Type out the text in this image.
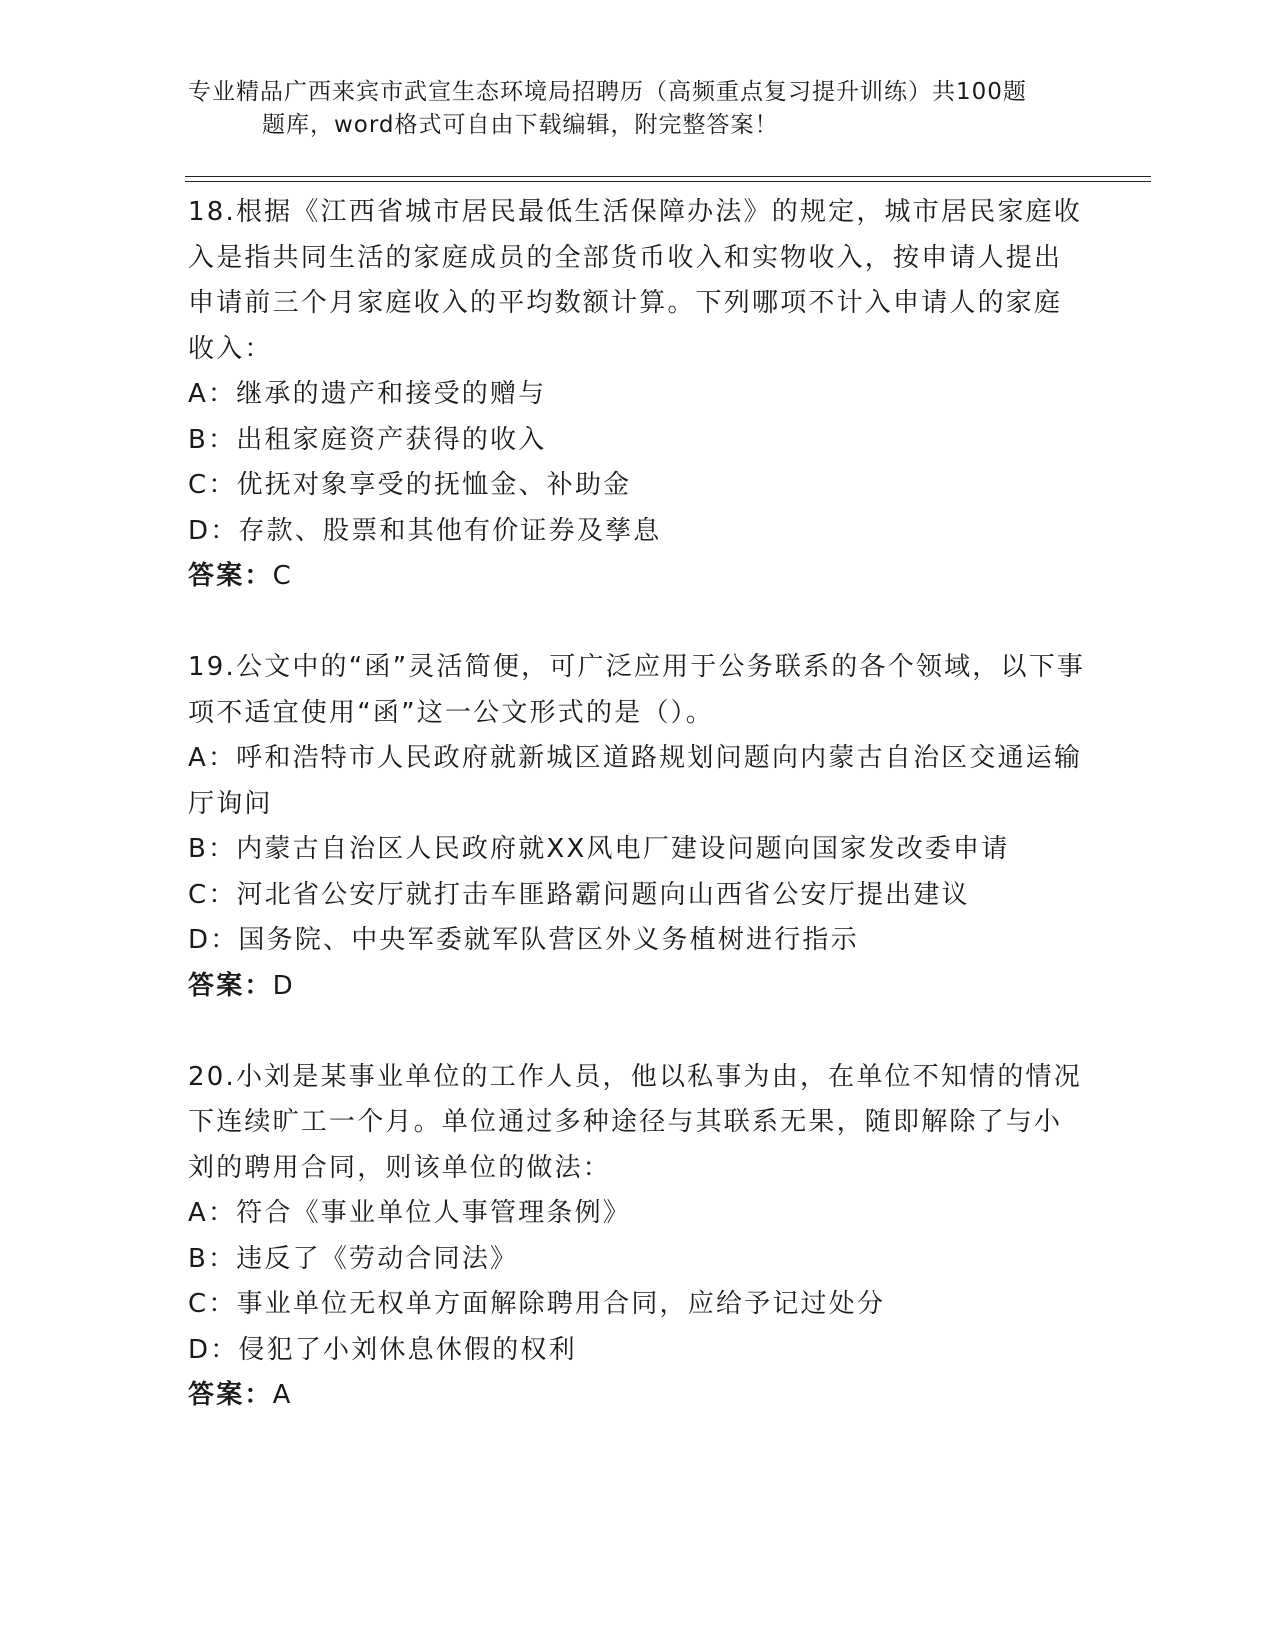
专业精品广西来宾市武宣生态环境局招聘历（高频重点复习提升训练）共100题
题库，word格式可自由下载编辑，附完整答案！

18.根据《江西省城市居民最低生活保障办法》的规定，城市居民家庭收入是指共同生活的家庭成员的全部货币收入和实物收入，按申请人提出申请前三个月家庭收入的平均数额计算。下列哪项不计入申请人的家庭收入：

A：继承的遗产和接受的赠与

B：出租家庭资产获得的收入

C：优抚对象享受的抚恤金、补助金

D：存款、股票和其他有价证券及孳息

答案：C

19.公文中的“函”灵活简便，可广泛应用于公务联系的各个领域，以下事项不适宜使用“函”这一公文形式的是（）。

A：呼和浩特市人民政府就新城区道路规划问题向内蒙古自治区交通运输厅询问

B：内蒙古自治区人民政府就XX风电厂建设问题向国家发改委申请

C：河北省公安厅就打击车匪路霸问题向山西省公安厅提出建议

D：国务院、中央军委就军队营区外义务植树进行指示

答案：D

20.小刘是某事业单位的工作人员，他以私事为由，在单位不知情的情况下连续旷工一个月。单位通过多种途径与其联系无果，随即解除了与小刘的聘用合同，则该单位的做法：

A：符合《事业单位人事管理条例》

B：违反了《劳动合同法》

C：事业单位无权单方面解除聘用合同，应给予记过处分

D：侵犯了小刘休息休假的权利

答案：A
